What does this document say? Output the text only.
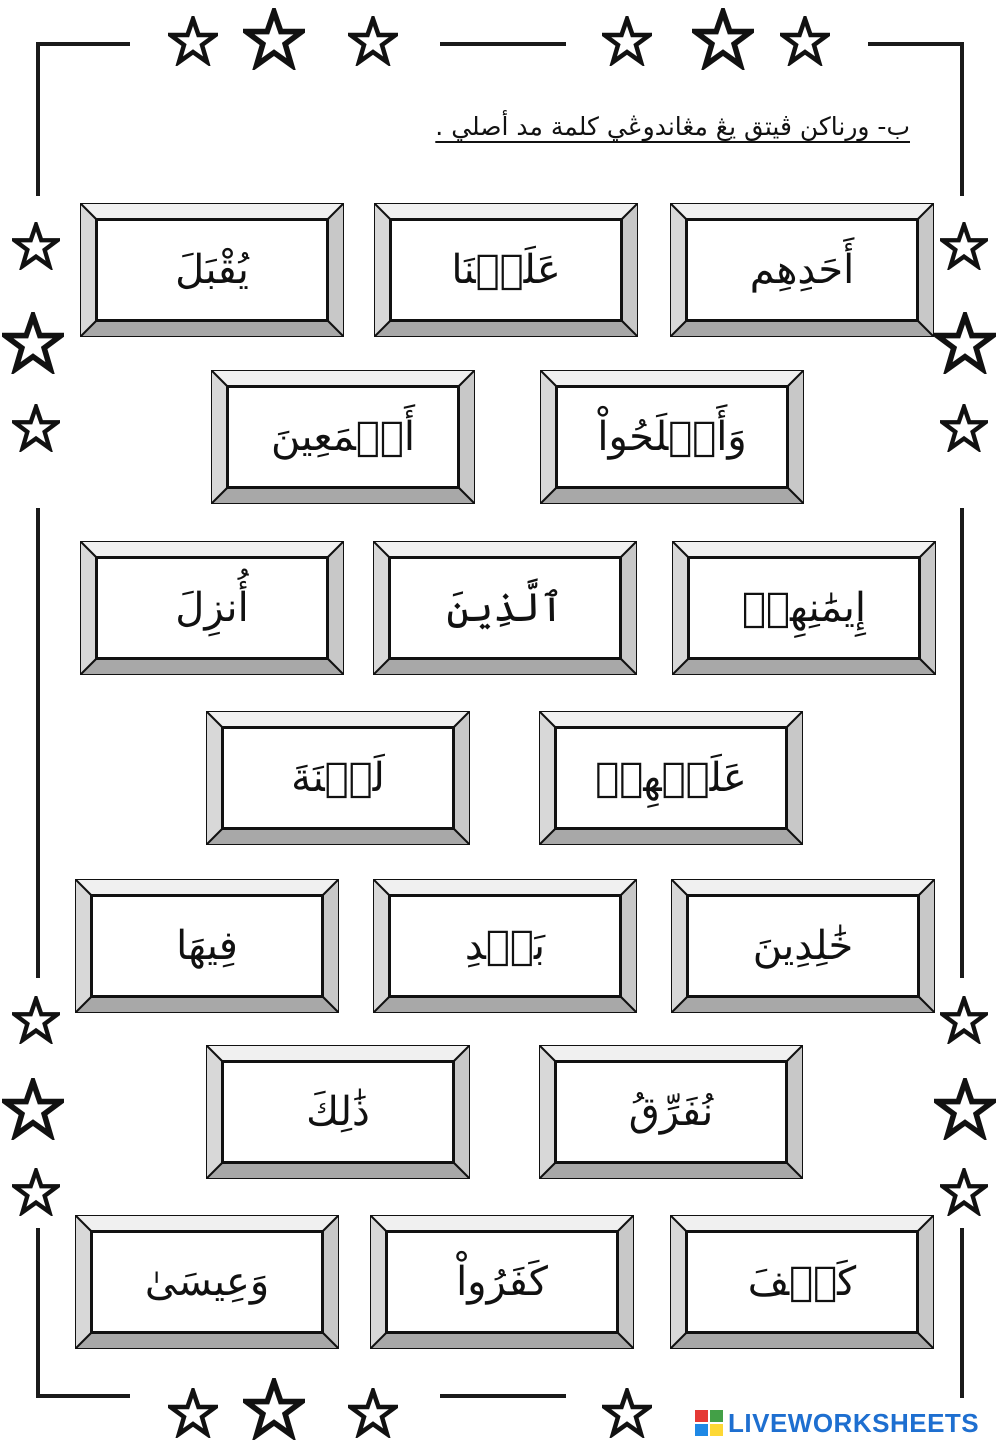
ب- ورناكن ڤيتق يڠ مڠاندوڠي كلمة مد أصلي .
يُقْبَلَ	عَلَيۡنَا	أَحَدِهِم
أَجۡمَعِينَ	وَأَصۡلَحُواْ
أُنزِلَ	ٱلَّذِينَ	إِيمَٰنِهِمۡ
لَعۡنَةَ	عَلَيۡهِمۡ
فِيهَا	بَعۡدِ	خَٰلِدِينَ
ذَٰلِكَ	نُفَرِّقُ
وَعِيسَىٰ	كَفَرُواْ	كَيۡفَ
LIVEWORKSHEETS
